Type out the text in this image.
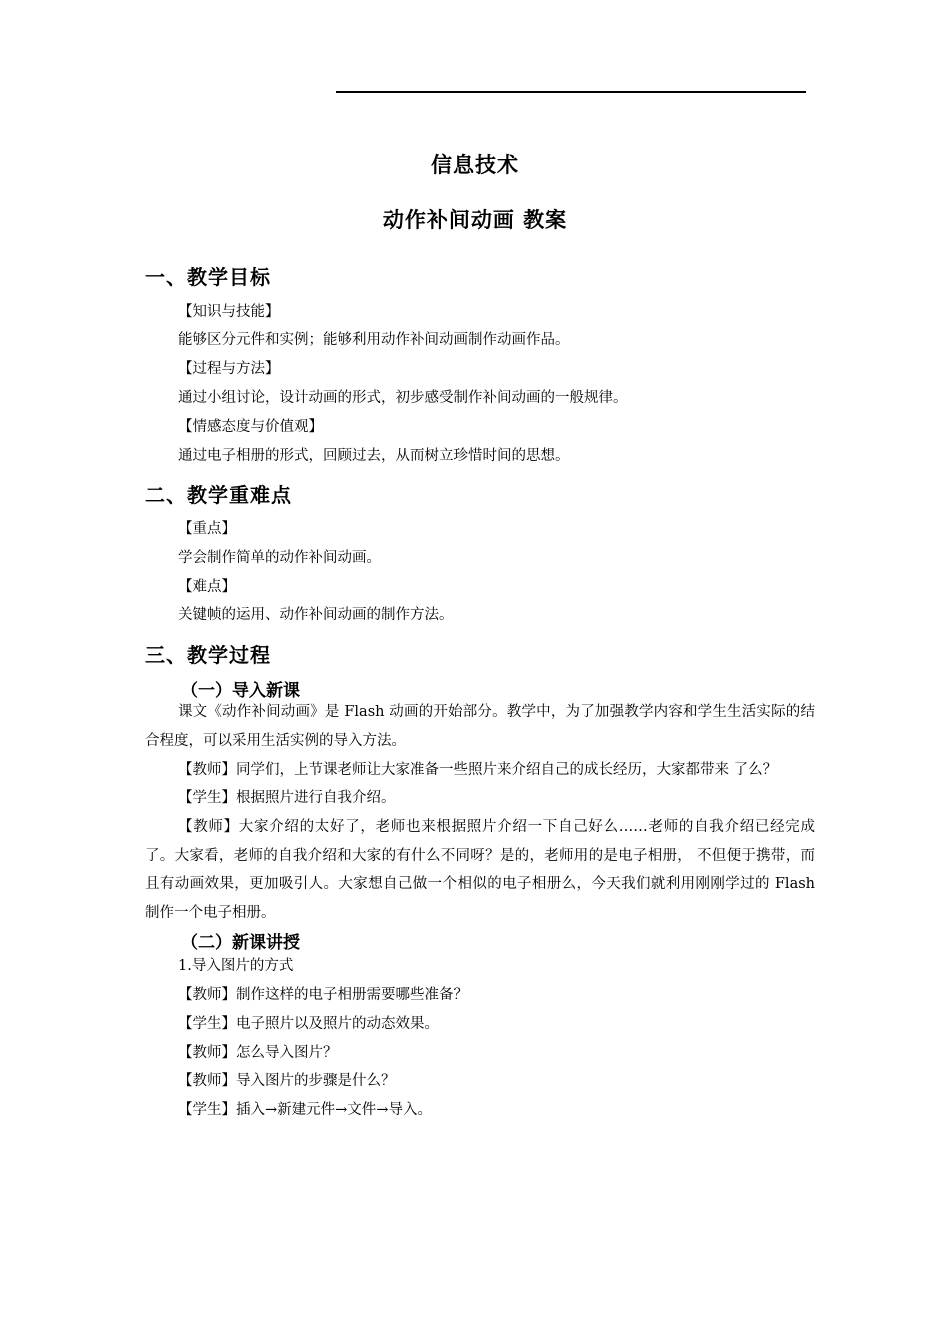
信息技术
动作补间动画 教案
一、教学目标
【知识与技能】
能够区分元件和实例；能够利用动作补间动画制作动画作品。
【过程与方法】
通过小组讨论，设计动画的形式，初步感受制作补间动画的一般规律。
【情感态度与价值观】
通过电子相册的形式，回顾过去，从而树立珍惜时间的思想。
二、教学重难点
【重点】
学会制作简单的动作补间动画。
【难点】
关键帧的运用、动作补间动画的制作方法。
三、教学过程
（一）导入新课
课文《动作补间动画》是 Flash 动画的开始部分。教学中，为了加强教学内容和学生生活实际的结合程度，可以采用生活实例的导入方法。
【教师】同学们，上节课老师让大家准备一些照片来介绍自己的成长经历，大家都带来 了么？
【学生】根据照片进行自我介绍。
【教师】大家介绍的太好了，老师也来根据照片介绍一下自己好么……老师的自我介绍已经完成了。大家看，老师的自我介绍和大家的有什么不同呀？是的，老师用的是电子相册， 不但便于携带，而且有动画效果，更加吸引人。大家想自己做一个相似的电子相册么，今天我们就利用刚刚学过的 Flash 制作一个电子相册。
（二）新课讲授
1.导入图片的方式
【教师】制作这样的电子相册需要哪些准备？
【学生】电子照片以及照片的动态效果。
【教师】怎么导入图片？
【教师】导入图片的步骤是什么？
【学生】插入→新建元件→文件→导入。
